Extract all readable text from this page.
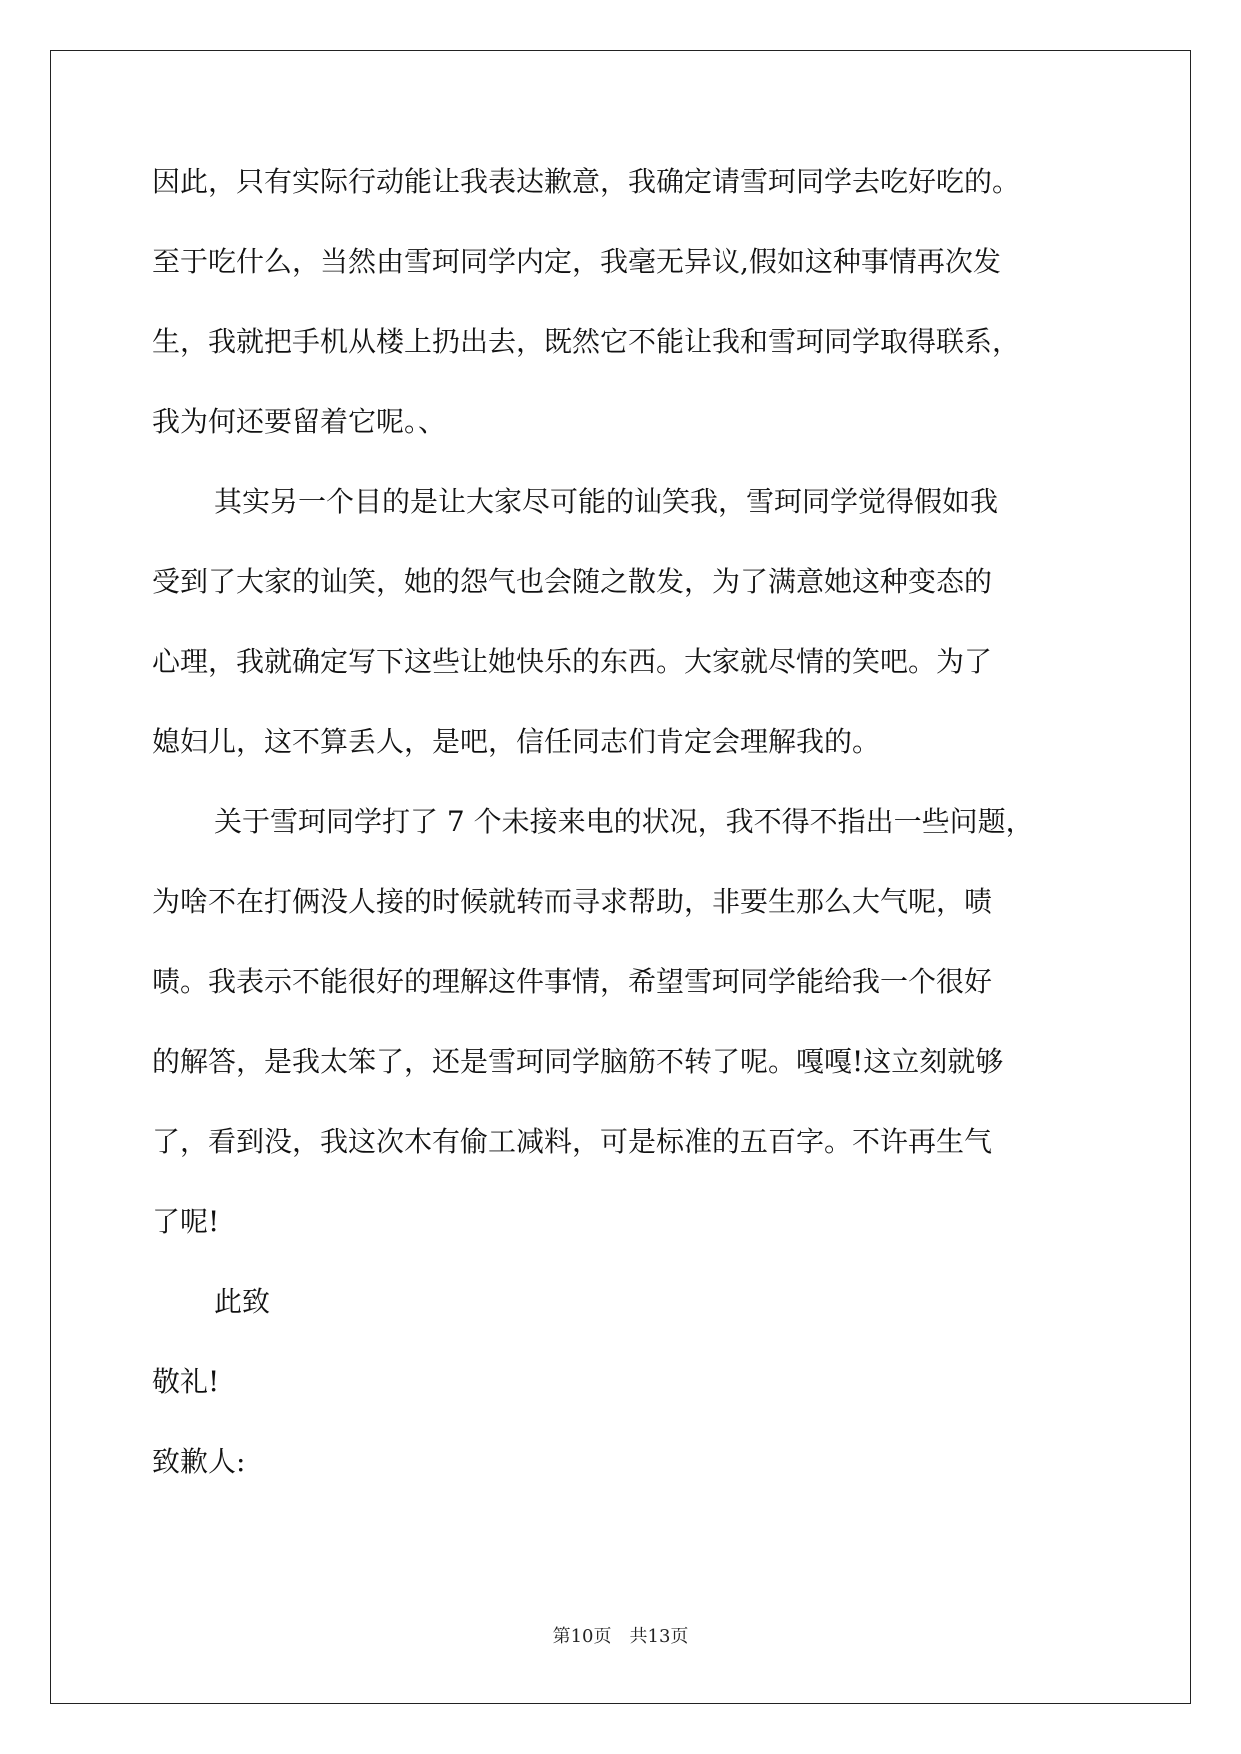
因此，只有实际行动能让我表达歉意，我确定请雪珂同学去吃好吃的。
至于吃什么，当然由雪珂同学内定，我毫无异议,假如这种事情再次发
生，我就把手机从楼上扔出去，既然它不能让我和雪珂同学取得联系，
我为何还要留着它呢。、
其实另一个目的是让大家尽可能的讪笑我，雪珂同学觉得假如我
受到了大家的讪笑，她的怨气也会随之散发，为了满意她这种变态的
心理，我就确定写下这些让她快乐的东西。大家就尽情的笑吧。为了
媳妇儿，这不算丢人，是吧，信任同志们肯定会理解我的。
关于雪珂同学打了 7 个未接来电的状况，我不得不指出一些问题，
为啥不在打俩没人接的时候就转而寻求帮助，非要生那么大气呢，啧
啧。我表示不能很好的理解这件事情，希望雪珂同学能给我一个很好
的解答，是我太笨了，还是雪珂同学脑筋不转了呢。嘎嘎!这立刻就够
了，看到没，我这次木有偷工减料，可是标准的五百字。不许再生气
了呢!
此致
敬礼!
致歉人:
第10页 共13页
